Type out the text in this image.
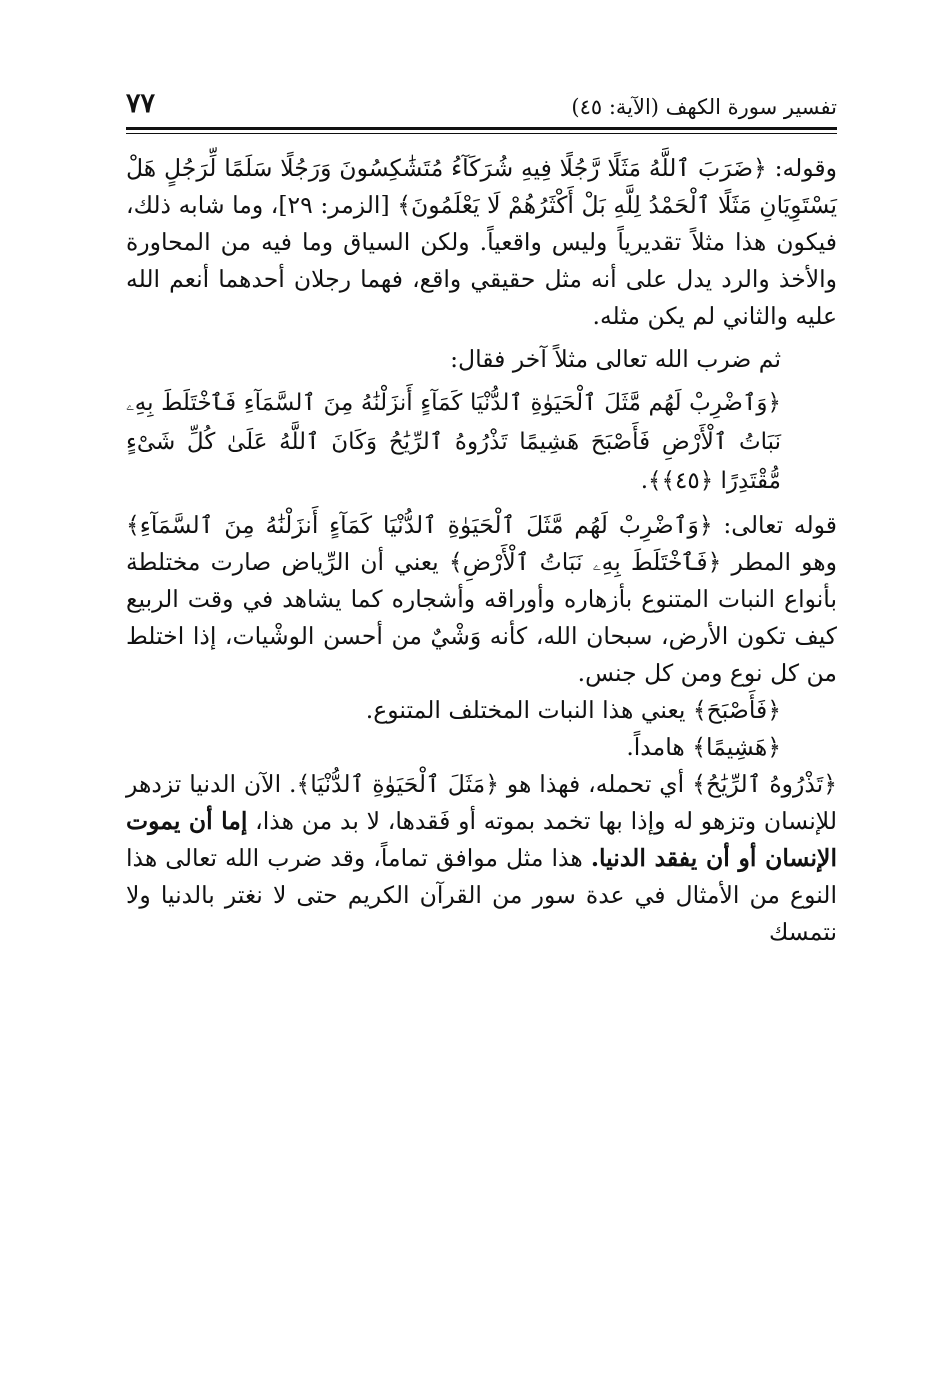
تفسير سورة الكهف (الآية: ٤٥)
٧٧

وقوله: ﴿ضَرَبَ ٱللَّهُ مَثَلًا رَّجُلًا فِيهِ شُرَكَآءُ مُتَشَٰكِسُونَ وَرَجُلًا سَلَمًا لِّرَجُلٍ هَلْ يَسْتَوِيَانِ مَثَلًا ٱلْحَمْدُ لِلَّهِ بَلْ أَكْثَرُهُمْ لَا يَعْلَمُونَ﴾ [الزمر: ٢٩]، وما شابه ذلك، فيكون هذا مثلاً تقديرياً وليس واقعياً. ولكن السياق وما فيه من المحاورة والأخذ والرد يدل على أنه مثل حقيقي واقع، فهما رجلان أحدهما أنعم الله عليه والثاني لم يكن مثله.

ثم ضرب الله تعالى مثلاً آخر فقال:

﴿وَٱضْرِبْ لَهُم مَّثَلَ ٱلْحَيَوٰةِ ٱلدُّنْيَا كَمَآءٍ أَنزَلْنَٰهُ مِنَ ٱلسَّمَآءِ فَٱخْتَلَطَ بِهِۦ نَبَاتُ ٱلْأَرْضِ فَأَصْبَحَ هَشِيمًا تَذْرُوهُ ٱلرِّيَٰحُ وَكَانَ ٱللَّهُ عَلَىٰ كُلِّ شَىْءٍ مُّقْتَدِرًا ﴿٤٥﴾﴾.

قوله تعالى: ﴿وَٱضْرِبْ لَهُم مَّثَلَ ٱلْحَيَوٰةِ ٱلدُّنْيَا كَمَآءٍ أَنزَلْنَٰهُ مِنَ ٱلسَّمَآءِ﴾ وهو المطر ﴿فَٱخْتَلَطَ بِهِۦ نَبَاتُ ٱلْأَرْضِ﴾ يعني أن الرِّياض صارت مختلطة بأنواع النبات المتنوع بأزهاره وأوراقه وأشجاره كما يشاهد في وقت الربيع كيف تكون الأرض، سبحان الله، كأنه وَشْيٌ من أحسن الوشْيات، إذا اختلط من كل نوع ومن كل جنس.

﴿فَأَصْبَحَ﴾ يعني هذا النبات المختلف المتنوع.

﴿هَشِيمًا﴾ هامداً.

﴿تَذْرُوهُ ٱلرِّيَٰحُ﴾ أي تحمله، فهذا هو ﴿مَثَلَ ٱلْحَيَوٰةِ ٱلدُّنْيَا﴾. الآن الدنيا تزدهر للإنسان وتزهو له وإذا بها تخمد بموته أو فَقدها، لا بد من هذا، إما أن يموت الإنسان أو أن يفقد الدنيا. هذا مثل موافق تماماً، وقد ضرب الله تعالى هذا النوع من الأمثال في عدة سور من القرآن الكريم حتى لا نغتر بالدنيا ولا نتمسك
